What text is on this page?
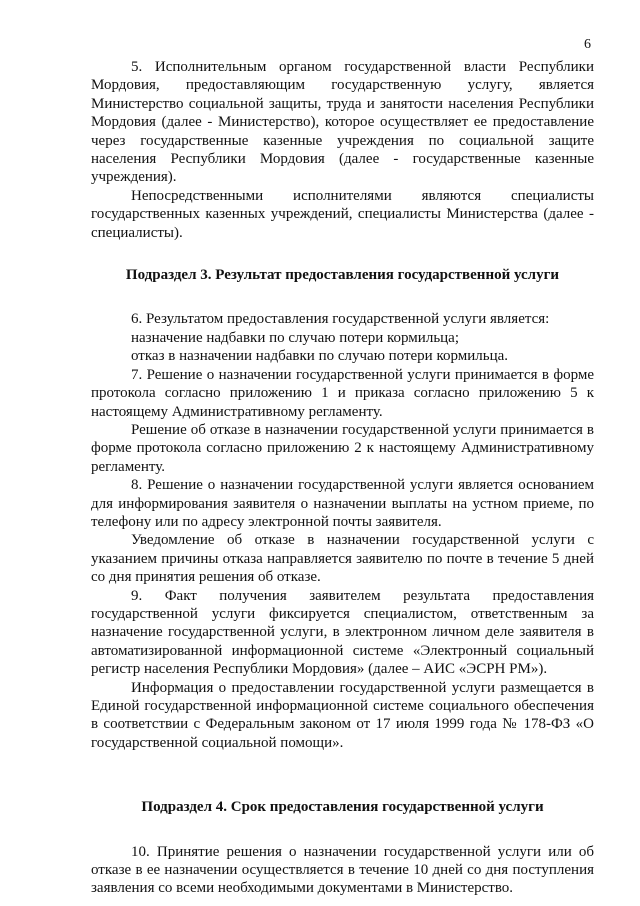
6

5. Исполнительным органом государственной власти Республики Мордовия, предоставляющим государственную услугу, является Министерство социальной защиты, труда и занятости населения Республики Мордовия (далее - Министерство), которое осуществляет ее предоставление через государственные казенные учреждения по социальной защите населения Республики Мордовия (далее - государственные казенные учреждения).

Непосредственными исполнителями являются специалисты государственных казенных учреждений, специалисты Министерства (далее - специалисты).

Подраздел 3. Результат предоставления государственной услуги

6. Результатом предоставления государственной услуги является:

назначение надбавки по случаю потери кормильца;

отказ в назначении надбавки по случаю потери кормильца.

7. Решение о назначении государственной услуги принимается в форме протокола согласно приложению 1 и приказа согласно приложению 5 к настоящему Административному регламенту.

Решение об отказе в назначении государственной услуги принимается в форме протокола согласно приложению 2 к настоящему Административному регламенту.

8. Решение о назначении государственной услуги является основанием для информирования заявителя о назначении выплаты на устном приеме, по телефону или по адресу электронной почты заявителя.

Уведомление об отказе в назначении государственной услуги с указанием причины отказа направляется заявителю по почте в течение 5 дней со дня принятия решения об отказе.

9. Факт получения заявителем результата предоставления государственной услуги фиксируется специалистом, ответственным за назначение государственной услуги, в электронном личном деле заявителя в автоматизированной информационной системе «Электронный социальный регистр населения Республики Мордовия» (далее – АИС «ЭСРН РМ»).

Информация о предоставлении государственной услуги размещается в Единой государственной информационной системе социального обеспечения в соответствии с Федеральным законом от 17 июля 1999 года № 178-ФЗ «О государственной социальной помощи».

Подраздел 4. Срок предоставления государственной услуги

10. Принятие решения о назначении государственной услуги или об отказе в ее назначении осуществляется в течение 10 дней со дня поступления заявления со всеми необходимыми документами в Министерство.
